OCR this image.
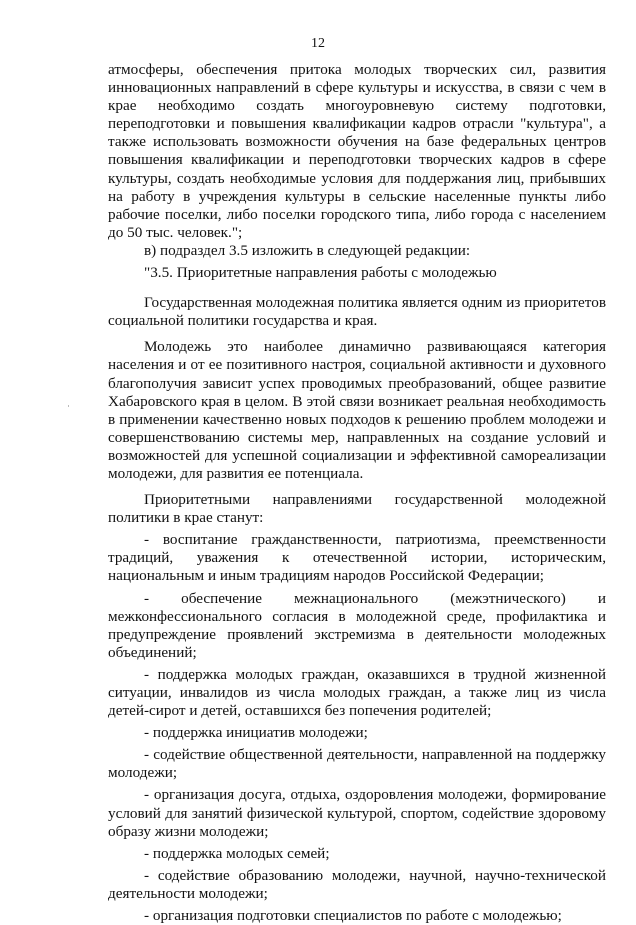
12

атмосферы, обеспечения притока молодых творческих сил, развития инновационных направлений в сфере культуры и искусства, в связи с чем в крае необходимо создать многоуровневую систему подготовки, переподготовки и повышения квалификации кадров отрасли "культура", а также использовать возможности обучения на базе федеральных центров повышения квалификации и переподготовки творческих кадров в сфере культуры, создать необходимые условия для поддержания лиц, прибывших на работу в учреждения культуры в сельские населенные пункты либо рабочие поселки, либо поселки городского типа, либо города с населением до 50 тыс. человек.";

в) подраздел 3.5 изложить в следующей редакции:

"3.5. Приоритетные направления работы с молодежью

Государственная молодежная политика является одним из приоритетов социальной политики государства и края.

Молодежь это наиболее динамично развивающаяся категория населения и от ее позитивного настроя, социальной активности и духовного благополучия зависит успех проводимых преобразований, общее развитие Хабаровского края в целом. В этой связи возникает реальная необходимость в применении качественно новых подходов к решению проблем молодежи и совершенствованию системы мер, направленных на создание условий и возможностей для успешной социализации и эффективной самореализации молодежи, для развития ее потенциала.

Приоритетными направлениями государственной молодежной политики в крае станут:

- воспитание гражданственности, патриотизма, преемственности традиций, уважения к отечественной истории, историческим, национальным и иным традициям народов Российской Федерации;

- обеспечение межнационального (межэтнического) и межконфессионального согласия в молодежной среде, профилактика и предупреждение проявлений экстремизма в деятельности молодежных объединений;

- поддержка молодых граждан, оказавшихся в трудной жизненной ситуации, инвалидов из числа молодых граждан, а также лиц из числа детей-сирот и детей, оставшихся без попечения родителей;

- поддержка инициатив молодежи;

- содействие общественной деятельности, направленной на поддержку молодежи;

- организация досуга, отдыха, оздоровления молодежи, формирование условий для занятий физической культурой, спортом, содействие здоровому образу жизни молодежи;

- поддержка молодых семей;

- содействие образованию молодежи, научной, научно-технической деятельности молодежи;

- организация подготовки специалистов по работе с молодежью;
